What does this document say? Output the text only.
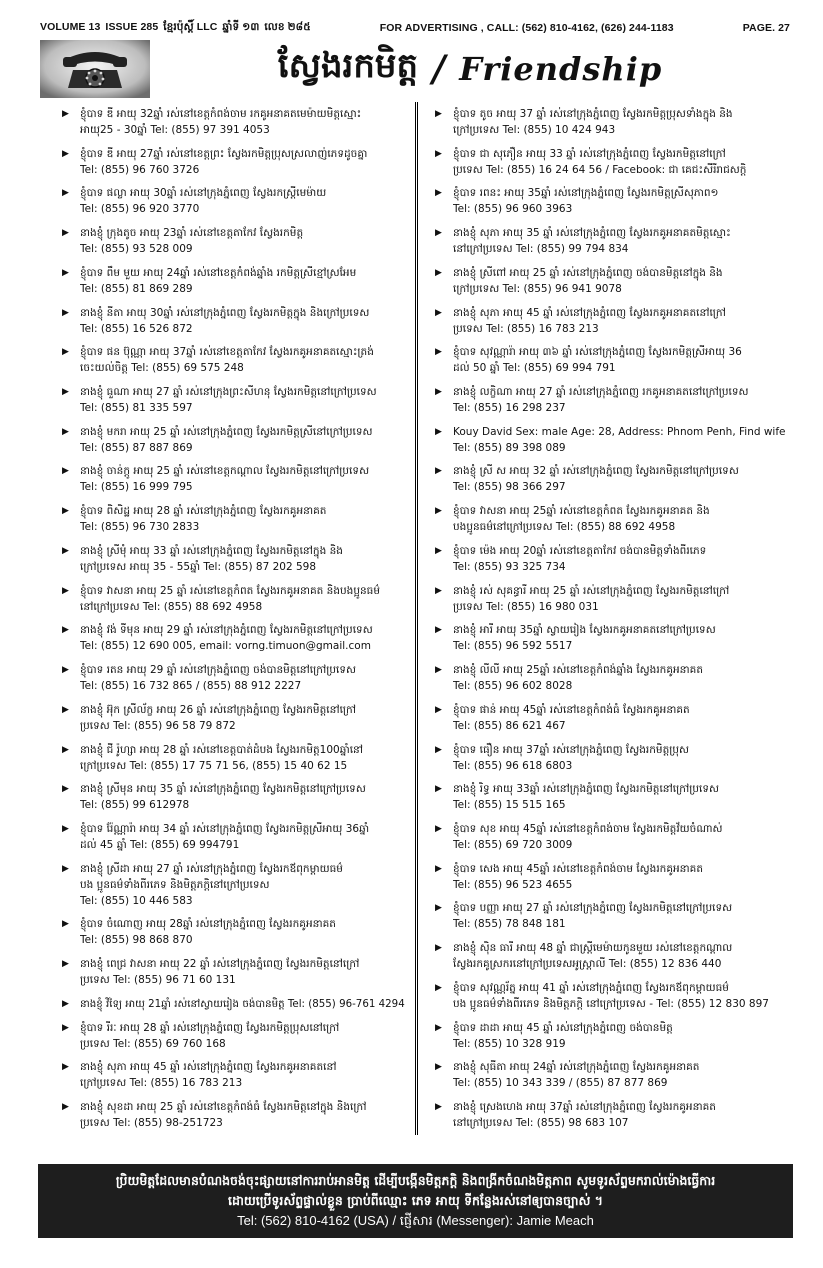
VOLUME 13 ISSUE 285 ខ្មែរប៉ុស្តិ៍ LLC ឆ្នាំទី ១៣ លេខ ២៨៥	FOR ADVERTISING , CALL: (562) 810-4162, (626) 244-1183	PAGE. 27
ស្វែងរកមិត្ត / Friendship
▶ ខ្ញុំបាទ ឌី អាយុ 32ឆ្នាំ រស់នៅខេត្តកំពង់ចាម រកគូអនាគតមេម៉ាយមិត្តស្មោះ
អាយុ25 - 30ឆ្នាំ Tel: (855) 97 391 4053
▶ ខ្ញុំបាទ ឌី អាយុ 27ឆ្នាំ រស់នៅខេត្តព្រះ ស្វែងរកមិត្តប្រុសស្រលាញ់ភេទដូចគ្នា
Tel: (855) 96 760 3726
▶ ខ្ញុំបាទ ផល្លា អាយុ 30ឆ្នាំ រស់នៅក្រុងភ្នំពេញ ស្វែងរកស្ត្រីមេម៉ាយ
Tel: (855) 96 920 3770
▶ នាងខ្ញុំ ក្រុងតូច អាយុ 23ឆ្នាំ រស់នៅខេត្តតាកែវ ស្វែងរកមិត្ត
Tel: (855) 93 528 009
▶ ខ្ញុំបាទ ពឹម មួយ អាយុ 24ឆ្នាំ រស់នៅខេត្តកំពង់ឆ្នាំង រកមិត្តស្រីខ្មៅស្រអែម
Tel: (855) 81 869 289
▶ នាងខ្ញុំ នីតា អាយុ 30ឆ្នាំ រស់នៅក្រុងភ្នំពេញ ស្វែងរកមិត្តក្នុង និងក្រៅប្រទេស
Tel: (855) 16 526 872
▶ ខ្ញុំបាទ ផន ប៊ុណ្ណា អាយុ 37ឆ្នាំ រស់នៅខេត្តតាកែវ ស្វែងរកគូអនាគតស្មោះត្រង់
ចេះយល់ចិត្ត Tel: (855) 69 575 248
▶ នាងខ្ញុំ ធួណា អាយុ 27 ឆ្នាំ រស់នៅក្រុងព្រះសីហនុ ស្វែងរកមិត្តនៅក្រៅប្រទេស
Tel: (855) 81 335 597
▶ នាងខ្ញុំ មករា អាយុ 25 ឆ្នាំ រស់នៅក្រុងភ្នំពេញ ស្វែងរកមិត្តស្រីនៅក្រៅប្រទេស
Tel: (855) 87 887 869
▶ នាងខ្ញុំ ចាន់ក្ដូ អាយុ 25 ឆ្នាំ រស់នៅខេត្តកណ្ដាល ស្វែងរកមិត្តនៅក្រៅប្រទេស
Tel: (855) 16 999 795
▶ ខ្ញុំបាទ ពិសិដ្ឋ អាយុ 28 ឆ្នាំ រស់នៅក្រុងភ្នំពេញ ស្វែងរកគូអនាគត
Tel: (855) 96 730 2833
▶ នាងខ្ញុំ ស្រីមុំ អាយុ 33 ឆ្នាំ រស់នៅក្រុងភ្នំពេញ ស្វែងរកមិត្តនៅក្នុង និង
ក្រៅប្រទេស អាយុ 35 - 55ឆ្នាំ Tel: (855) 87 202 598
▶ ខ្ញុំបាទ វាសនា អាយុ 25 ឆ្នាំ រស់នៅខេត្តកំពត ស្វែងរកគូអនាគត និងបងប្អូនធម៌
នៅក្រៅប្រទេស Tel: (855) 88 692 4958
▶ នាងខ្ញុំ វង់ ទីមុន អាយុ 29 ឆ្នាំ រស់នៅក្រុងភ្នំពេញ ស្វែងរកមិត្តនៅក្រៅប្រទេស
Tel: (855) 12 690 005, email: vorng.timuon@gmail.com
▶ ខ្ញុំបាទ រតន អាយុ 29 ឆ្នាំ រស់នៅក្រុងភ្នំពេញ ចង់បានមិត្តនៅក្រៅប្រទេស
Tel: (855) 16 732 865 / (855) 88 912 2227
▶ នាងខ្ញុំ អ៊ុក ស្រីល័ក្ខ អាយុ 26 ឆ្នាំ រស់នៅក្រុងភ្នំពេញ ស្វែងរកមិត្តនៅក្រៅ
ប្រទេស Tel: (855) 96 58 79 872
▶ នាងខ្ញុំ ជី រ៉ូហ្សា អាយុ 28 ឆ្នាំ រស់នៅខេត្តបាត់ដំបង ស្វែងរកមិត្ត100ឆ្នាំនៅ
ក្រៅប្រទេស Tel: (855) 17 75 71 56, (855) 15 40 62 15
▶ នាងខ្ញុំ ស្រីមុន អាយុ 35 ឆ្នាំ រស់នៅក្រុងភ្នំពេញ ស្វែងរកមិត្តនៅក្រៅប្រទេស
Tel: (855) 99 612978
▶ ខ្ញុំបាទ រ៉ែណ្ណារ៉ា អាយុ 34 ឆ្នាំ រស់នៅក្រុងភ្នំពេញ ស្វែងរកមិត្តស្រីអាយុ 36ឆ្នាំ
ដល់ 45 ឆ្នាំ Tel: (855) 69 994791
▶ នាងខ្ញុំ ស្រីដា អាយុ 27 ឆ្នាំ រស់នៅក្រុងភ្នំពេញ ស្វែងរកឪពុកម្ដាយធម៌
បង ប្អូនធម៌ទាំងពីរភេទ និងមិត្តភក្តិនៅក្រៅប្រទេស
Tel: (855) 10 446 583
▶ ខ្ញុំបាទ ចំណោញ អាយុ 28ឆ្នាំ រស់នៅក្រុងភ្នំពេញ ស្វែងរកគូអនាគត
Tel: (855) 98 868 870
▶ នាងខ្ញុំ ពេជ្រ វាសនា អាយុ 22 ឆ្នាំ រស់នៅក្រុងភ្នំពេញ ស្វែងរកមិត្តនៅក្រៅ
ប្រទេស Tel: (855) 96 71 60 131
▶ នាងខ្ញុំ វិទ្យៃ អាយុ 21ឆ្នាំ រស់នៅស្វាយរៀង ចង់បានមិត្ត Tel: (855) 96-761 4294
▶ ខ្ញុំបាទ រីរៈ អាយុ 28 ឆ្នាំ រស់នៅក្រុងភ្នំពេញ ស្វែងរកមិត្តប្រុសនៅក្រៅ
ប្រទេស Tel: (855) 69 760 168
▶ នាងខ្ញុំ សុភា អាយុ 45 ឆ្នាំ រស់នៅក្រុងភ្នំពេញ ស្វែងរកគូអនាគតនៅ
ក្រៅប្រទេស Tel: (855) 16 783 213
▶ នាងខ្ញុំ សុខដា អាយុ 25 ឆ្នាំ រស់នៅខេត្តកំពង់ធំ ស្វែងរកមិត្តនៅក្នុង និងក្រៅ
ប្រទេស Tel: (855) 98-251723
▶ ខ្ញុំបាទ តូច អាយុ 37 ឆ្នាំ រស់នៅក្រុងភ្នំពេញ ស្វែងរកមិត្តប្រុសទាំងក្នុង និង
ក្រៅប្រទេស Tel: (855) 10 424 943
▶ ខ្ញុំបាទ ជា សុភឿន អាយុ 33 ឆ្នាំ រស់នៅក្រុងភ្នំពេញ ស្វែងរកមិត្តនៅក្រៅ
ប្រទេស Tel: (855) 16 24 64 56 / Facebook: ជា គេជះសីរីរាជសក្តិ
▶ ខ្ញុំបាទ រពនះ អាយុ 35ឆ្នាំ រស់នៅក្រុងភ្នំពេញ ស្វែងរកមិត្តស្រីសុភាព១
Tel: (855) 96 960 3963
▶ នាងខ្ញុំ សុភា អាយុ 35 ឆ្នាំ រស់នៅក្រុងភ្នំពេញ ស្វែងរកគូអនាគតមិត្តស្មោះ
នៅក្រៅប្រទេស Tel: (855) 99 794 834
▶ នាងខ្ញុំ ស្រីពៅ អាយុ 25 ឆ្នាំ រស់នៅក្រុងភ្នំពេញ ចង់បានមិត្តនៅក្នុង និង
ក្រៅប្រទេស Tel: (855) 96 941 9078
▶ នាងខ្ញុំ សុភា អាយុ 45 ឆ្នាំ រស់នៅក្រុងភ្នំពេញ ស្វែងរកគូអនាគតនៅក្រៅ
ប្រទេស Tel: (855) 16 783 213
▶ ខ្ញុំបាទ សុវណ្ណារ៉ា អាយុ ៣៦ ឆ្នាំ រស់នៅក្រុងភ្នំពេញ ស្វែងរកមិត្តស្រីអាយុ 36
ដល់ 50 ឆ្នាំ Tel: (855) 69 994 791
▶ នាងខ្ញុំ លក្ខិណា អាយុ 27 ឆ្នាំ រស់នៅក្រុងភ្នំពេញ រកគូអនាគតនៅក្រៅប្រទេស
Tel: (855) 16 298 237
▶ Kouy David Sex: male Age: 28, Address: Phnom Penh, Find wife
Tel: (855) 89 398 089
▶ នាងខ្ញុំ ស្រី ស អាយុ 32 ឆ្នាំ រស់នៅក្រុងភ្នំពេញ ស្វែងរកមិត្តនៅក្រៅប្រទេស
Tel: (855) 98 366 297
▶ ខ្ញុំបាទ វាសនា អាយុ 25ឆ្នាំ រស់នៅខេត្តកំពត ស្វែងរកគូអនាគត និង
បងប្អូនធម៌នៅក្រៅប្រទេស Tel: (855) 88 692 4958
▶ ខ្ញុំបាទ ម៉េង អាយុ 20ឆ្នាំ រស់នៅខេត្តតាកែវ ចង់បានមិត្តទាំងពីរភេទ
Tel: (855) 93 325 734
▶ នាងខ្ញុំ រស់ សុគន្ធារី អាយុ 25 ឆ្នាំ រស់នៅក្រុងភ្នំពេញ ស្វែងរកមិត្តនៅក្រៅ
ប្រទេស Tel: (855) 16 980 031
▶ នាងខ្ញុំ អារី អាយុ 35ឆ្នាំ ស្វាយរៀង ស្វែងរកគូអនាគតនៅក្រៅប្រទេស
Tel: (855) 96 592 5517
▶ នាងខ្ញុំ លីលី អាយុ 25ឆ្នាំ រស់នៅខេត្តកំពង់ឆ្នាំង ស្វែងរកគូអនាគត
Tel: (855) 96 602 8028
▶ ខ្ញុំបាទ ផាន់ អាយុ 45ឆ្នាំ រស់នៅខេត្តកំពង់ធំ ស្វែងរកគូអនាគត
Tel: (855) 86 621 467
▶ ខ្ញុំបាទ ធឿន អាយុ 37ឆ្នាំ រស់នៅក្រុងភ្នំពេញ ស្វែងរកមិត្តប្រុស
Tel: (855) 96 618 6803
▶ នាងខ្ញុំ រិទ្ធ អាយុ 33ឆ្នាំ រស់នៅក្រុងភ្នំពេញ ស្វែងរកមិត្តនៅក្រៅប្រទេស
Tel: (855) 15 515 165
▶ ខ្ញុំបាទ សុខ អាយុ 45ឆ្នាំ រស់នៅខេត្តកំពង់ចាម ស្វែងរកមិត្តវ័យចំណាស់
Tel: (855) 69 720 3009
▶ ខ្ញុំបាទ សេង អាយុ 45ឆ្នាំ រស់នៅខេត្តកំពង់ចាម ស្វែងរកគូអនាគត
Tel: (855) 96 523 4655
▶ ខ្ញុំបាទ បញ្ញា អាយុ 27 ឆ្នាំ រស់នៅក្រុងភ្នំពេញ ស្វែងរកមិត្តនៅក្រៅប្រទេស
Tel: (855) 78 848 181
▶ នាងខ្ញុំ ស៊ិន ធារី អាយុ 48 ឆ្នាំ ជាស្ត្រីមេម៉ាយកូនមួយ រស់នៅខេត្តកណ្ដាល
ស្វែងរកគូស្រករនៅក្រៅប្រទេសអូស្ត្រាលី Tel: (855) 12 836 440
▶ ខ្ញុំបាទ សុវណ្ណរ័ត្ន អាយុ 41 ឆ្នាំ រស់នៅក្រុងភ្នំពេញ ស្វែងរកឪពុកម្ដាយធម៌
បង ប្អូនធម៌ទាំងពីរភេទ និងមិត្តភក្តិ នៅក្រៅប្រទេស - Tel: (855) 12 830 897
▶ ខ្ញុំបាទ ដាដា អាយុ 45 ឆ្នាំ រស់នៅក្រុងភ្នំពេញ ចង់បានមិត្ត
Tel: (855) 10 328 919
▶ នាងខ្ញុំ សុធីតា អាយុ 24ឆ្នាំ រស់នៅក្រុងភ្នំពេញ ស្វែងរកគូអនាគត
Tel: (855) 10 343 339 / (855) 87 877 869
▶ នាងខ្ញុំ ស្រេងហេង អាយុ 37ឆ្នាំ រស់នៅក្រុងភ្នំពេញ ស្វែងរកគូអនាគត
នៅក្រៅប្រទេស Tel: (855) 98 683 107
ប្រិយមិត្តដែលមានបំណងចង់ចុះផ្សាយនៅការរាប់អានមិត្ត ដើម្បីបង្កើនមិត្តភក្តិ និងពង្រីកចំណងមិត្តភាព សូមទូរស័ព្ទមករាល់ម៉ោងធ្វើការ
ដោយប្រើទូរស័ព្ទផ្ទាល់ខ្លួន ប្រាប់ពីឈ្មោះ ភេទ អាយុ ទីកន្លែងរស់នៅឲ្យបានច្បាស់ ។
Tel: (562) 810-4162 (USA) / ផ្ញើសារ (Messenger): Jamie Meach
